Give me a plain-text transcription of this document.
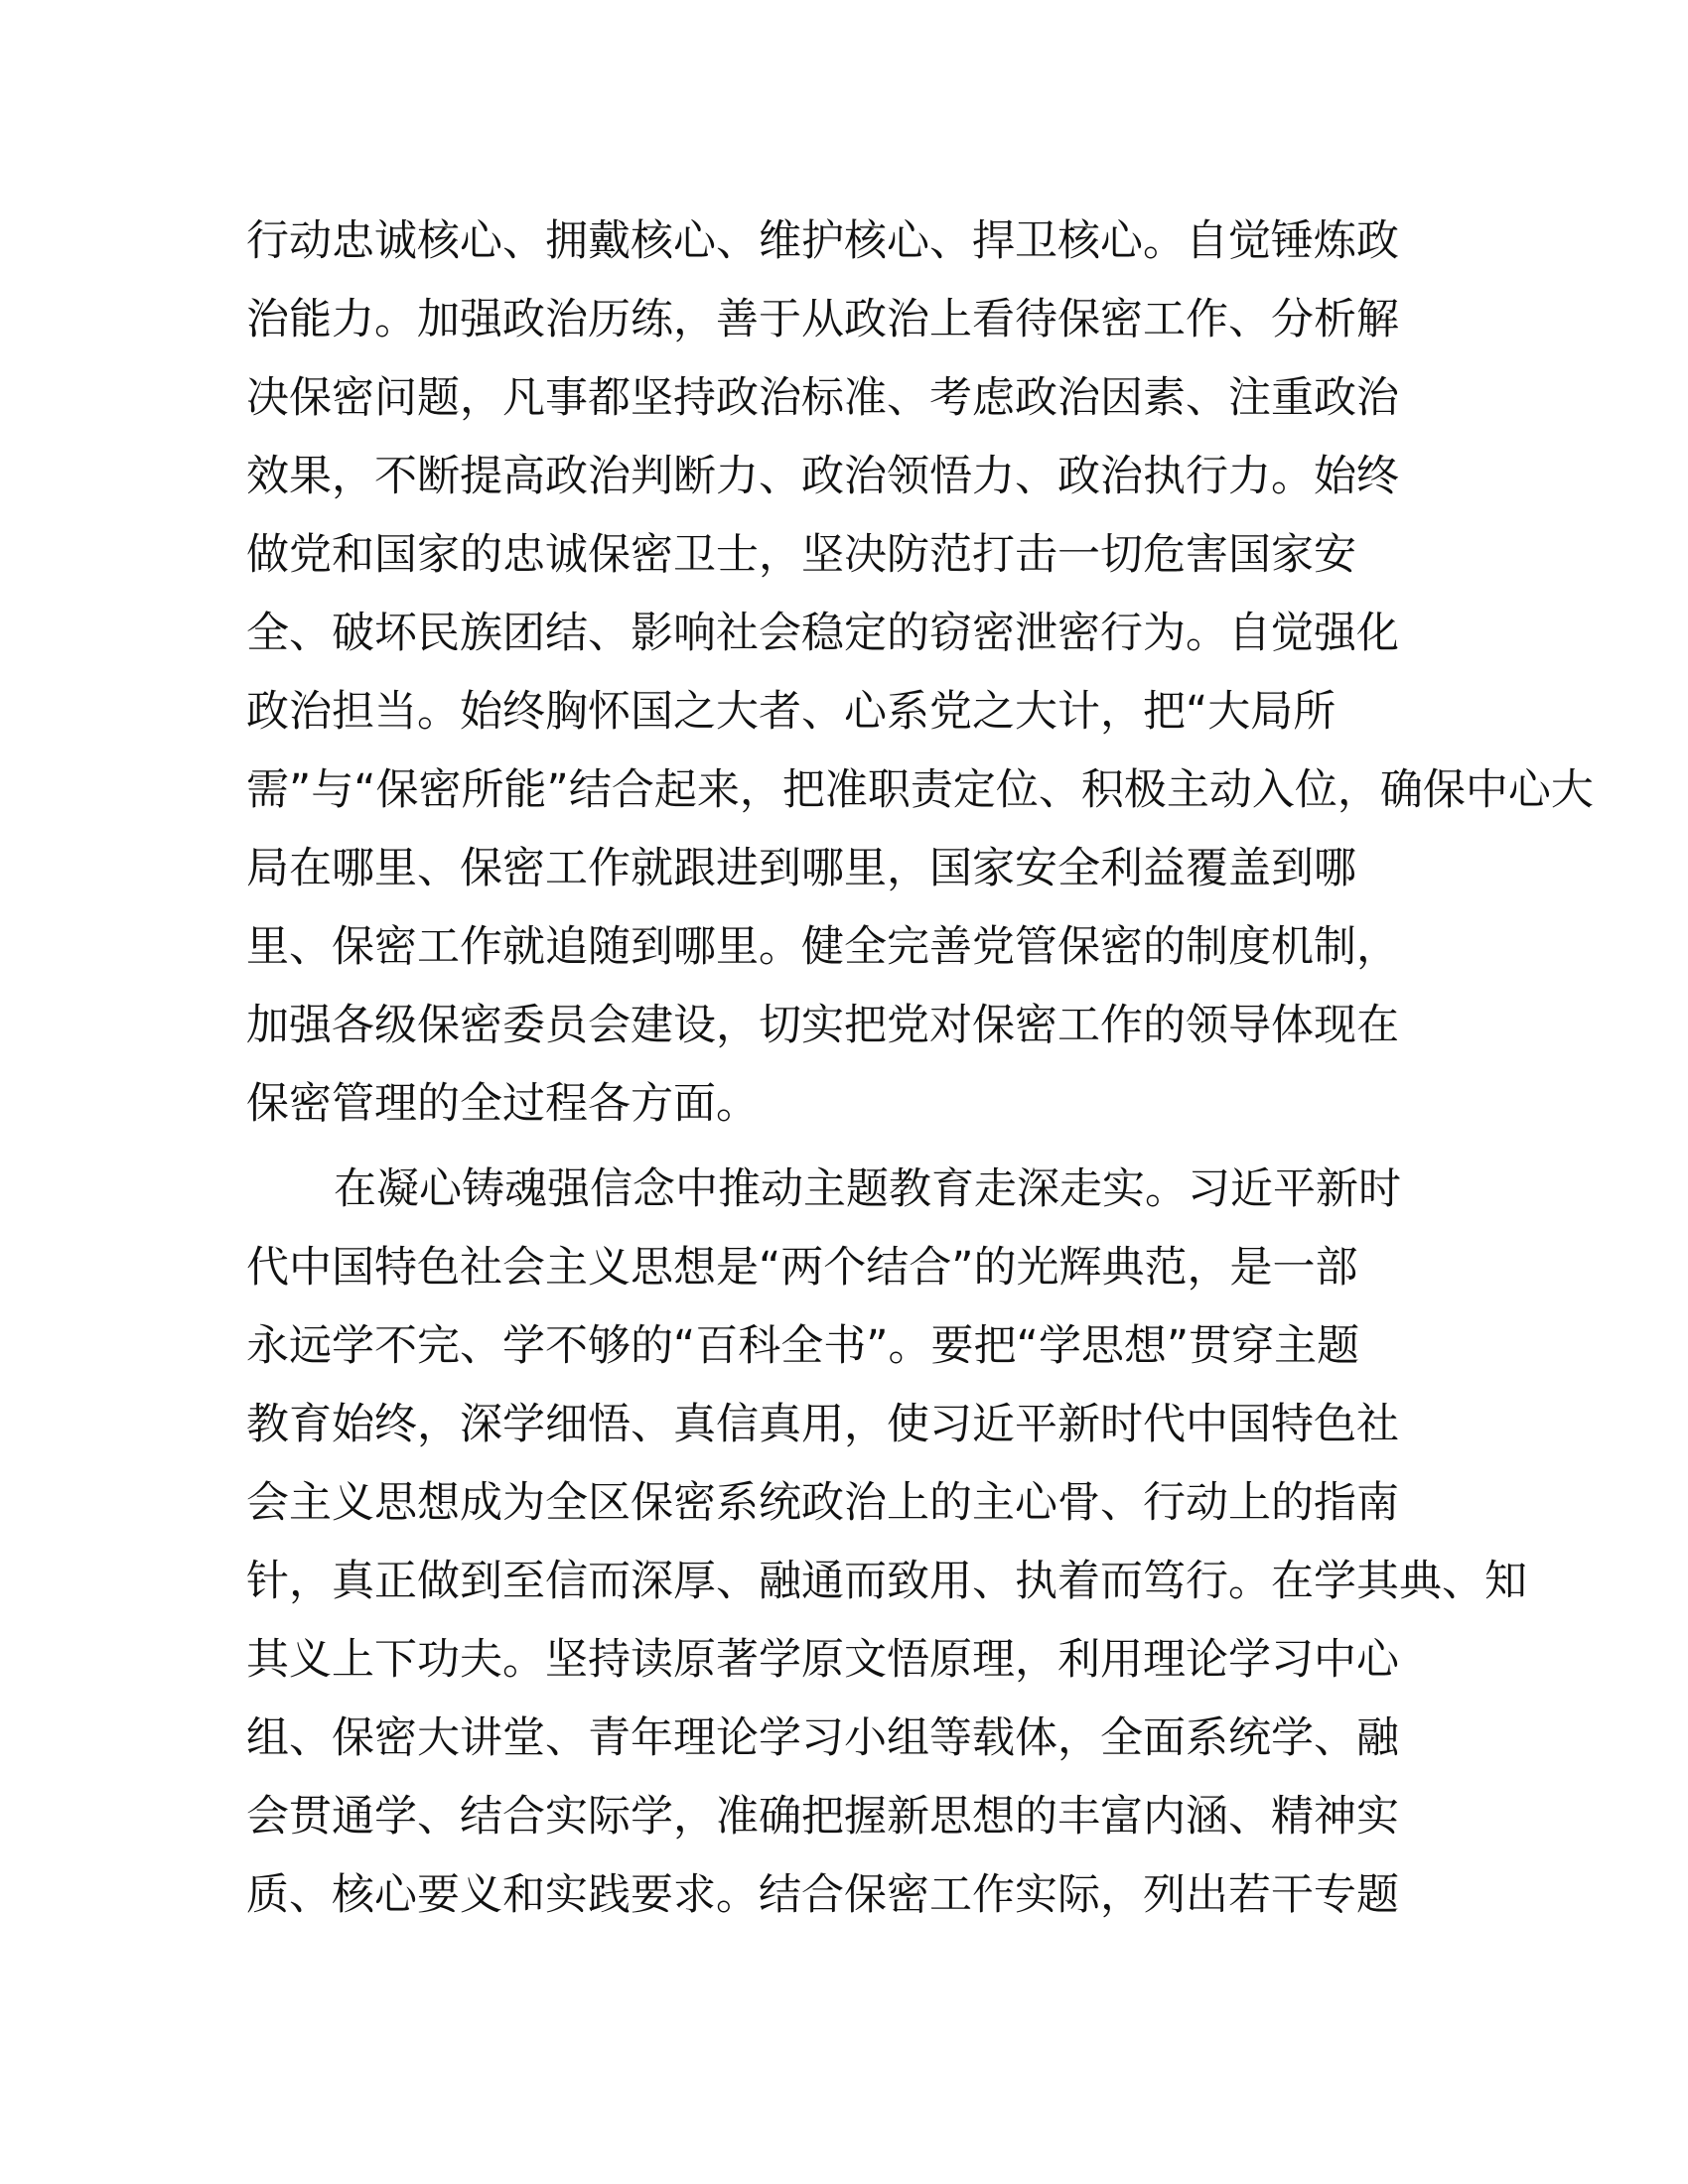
行动忠诚核心、拥戴核心、维护核心、捍卫核心。自觉锤炼政
治能力。加强政治历练，善于从政治上看待保密工作、分析解
决保密问题，凡事都坚持政治标准、考虑政治因素、注重政治
效果，不断提高政治判断力、政治领悟力、政治执行力。始终
做党和国家的忠诚保密卫士，坚决防范打击一切危害国家安
全、破坏民族团结、影响社会稳定的窃密泄密行为。自觉强化
政治担当。始终胸怀国之大者、心系党之大计，把“大局所
需”与“保密所能”结合起来，把准职责定位、积极主动入位，确保中心大
局在哪里、保密工作就跟进到哪里，国家安全利益覆盖到哪
里、保密工作就追随到哪里。健全完善党管保密的制度机制，
加强各级保密委员会建设，切实把党对保密工作的领导体现在
保密管理的全过程各方面。
在凝心铸魂强信念中推动主题教育走深走实。习近平新时
代中国特色社会主义思想是“两个结合”的光辉典范，是一部
永远学不完、学不够的“百科全书”。要把“学思想”贯穿主题
教育始终，深学细悟、真信真用，使习近平新时代中国特色社
会主义思想成为全区保密系统政治上的主心骨、行动上的指南
针，真正做到至信而深厚、融通而致用、执着而笃行。在学其典、知
其义上下功夫。坚持读原著学原文悟原理，利用理论学习中心
组、保密大讲堂、青年理论学习小组等载体，全面系统学、融
会贯通学、结合实际学，准确把握新思想的丰富内涵、精神实
质、核心要义和实践要求。结合保密工作实际，列出若干专题
